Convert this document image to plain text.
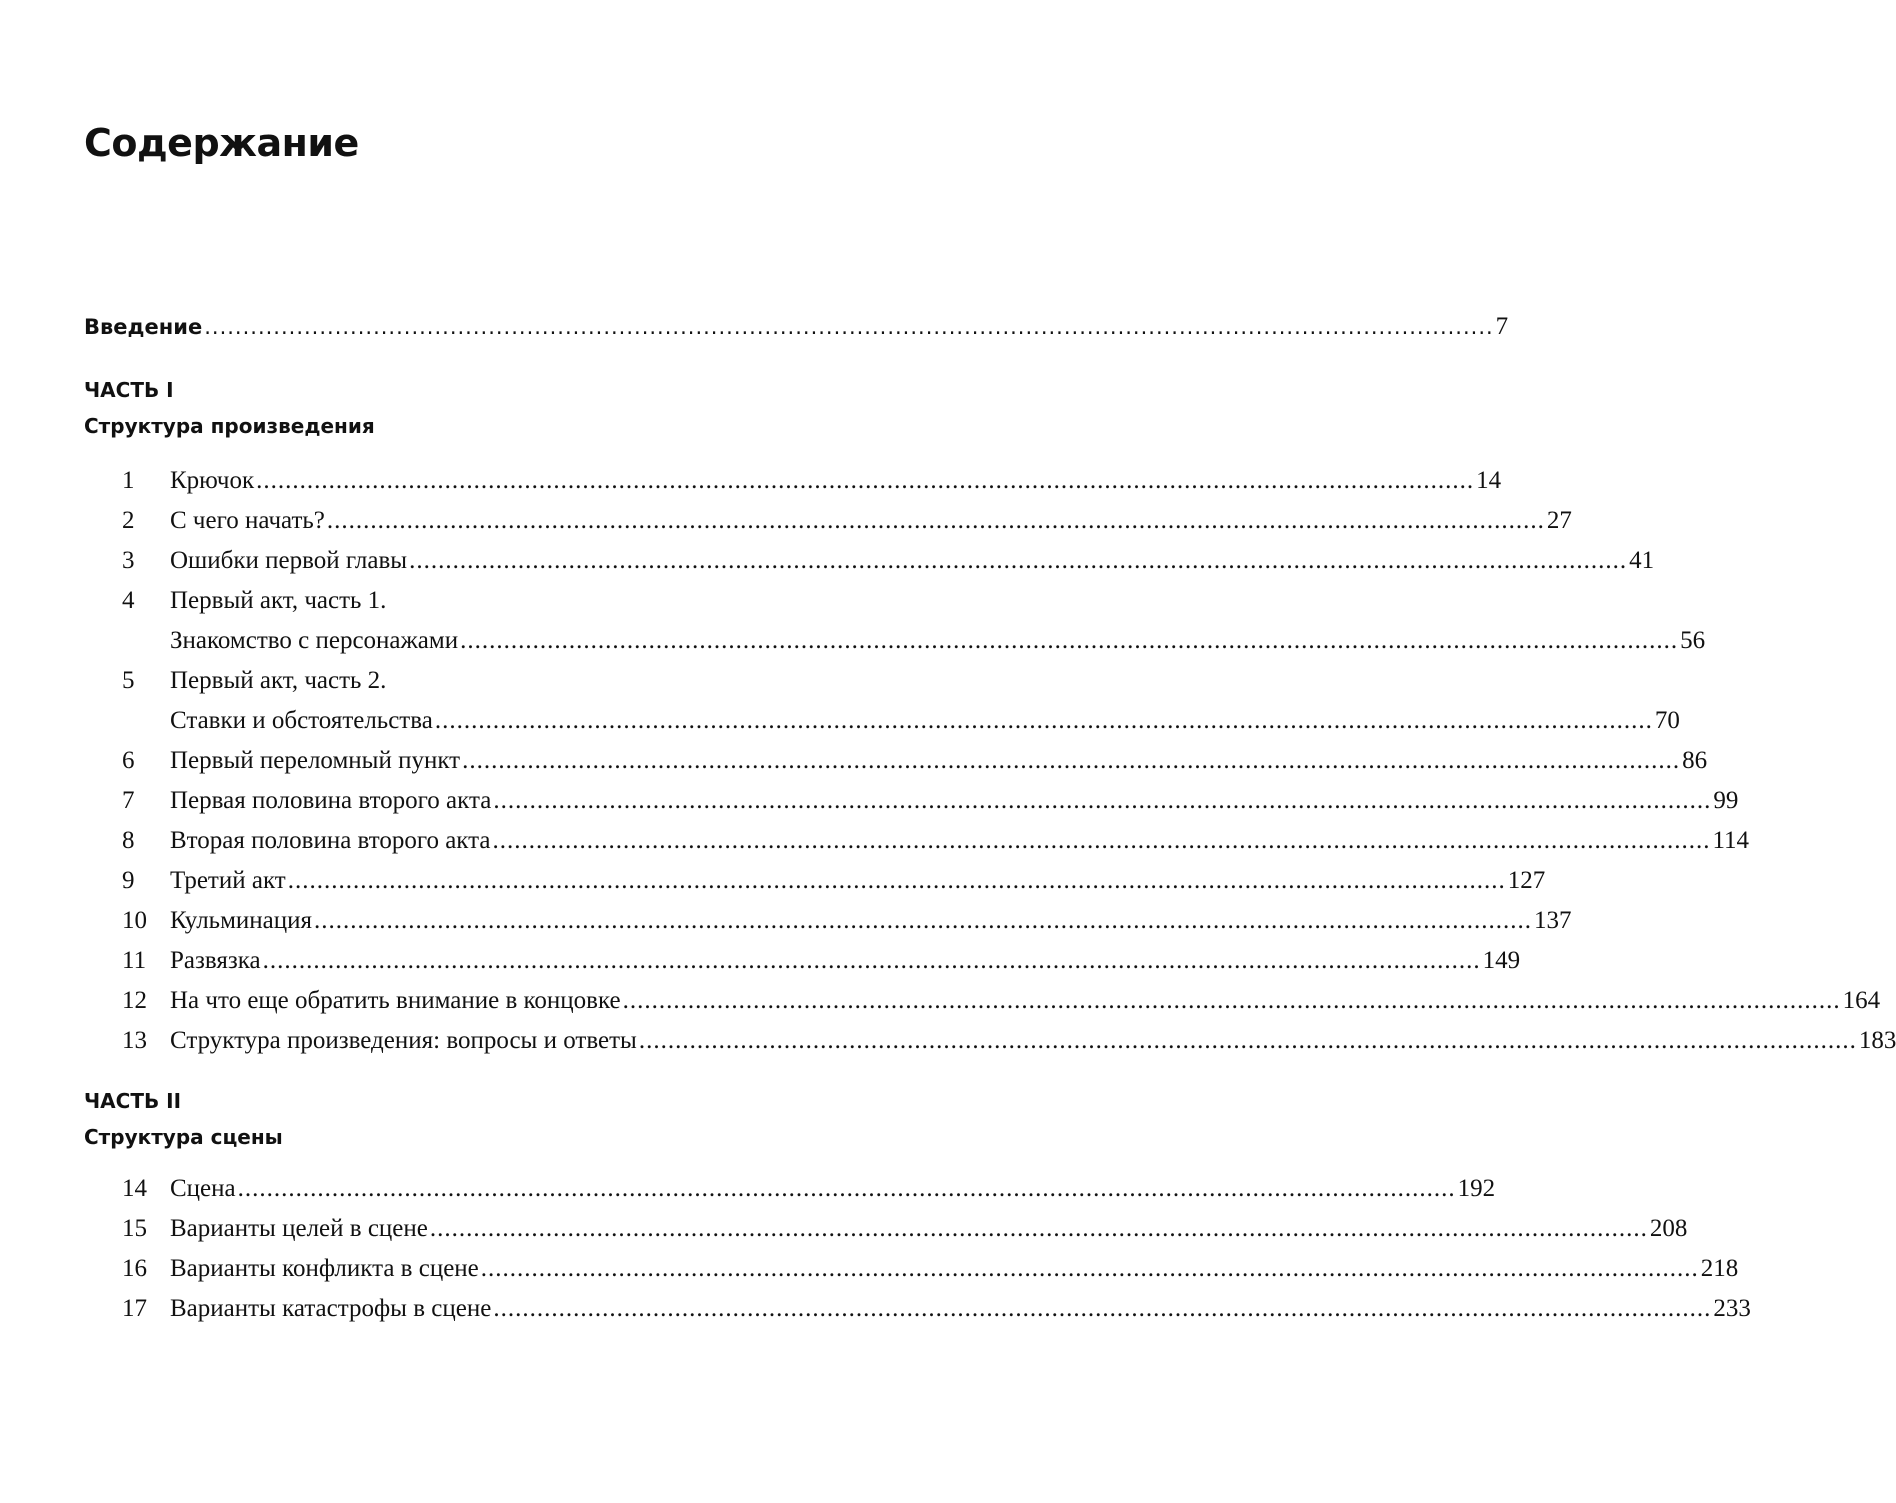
Содержание
Введение ........................................................................................................................................................................ 7
ЧАСТЬ I
Структура произведения
1	Крючок ........................................................................................................................................................................ 14
2	С чего начать? ........................................................................................................................................................................ 27
3	Ошибки первой главы ........................................................................................................................................................................ 41
4	Первый акт, часть 1.
Знакомство с персонажами ........................................................................................................................................................................ 56
5	Первый акт, часть 2.
Ставки и обстоятельства ........................................................................................................................................................................ 70
6	Первый переломный пункт ........................................................................................................................................................................ 86
7	Первая половина второго акта ........................................................................................................................................................................ 99
8	Вторая половина второго акта ........................................................................................................................................................................ 114
9	Третий акт ........................................................................................................................................................................ 127
10 Кульминация ........................................................................................................................................................................ 137
11 Развязка ........................................................................................................................................................................ 149
12 На что еще обратить внимание в концовке ........................................................................................................................................................................ 164
13 Структура произведения: вопросы и ответы ........................................................................................................................................................................ 183
ЧАСТЬ II
Структура сцены
14 Сцена ........................................................................................................................................................................ 192
15 Варианты целей в сцене ........................................................................................................................................................................ 208
16 Варианты конфликта в сцене ........................................................................................................................................................................ 218
17 Варианты катастрофы в сцене ........................................................................................................................................................................ 233
